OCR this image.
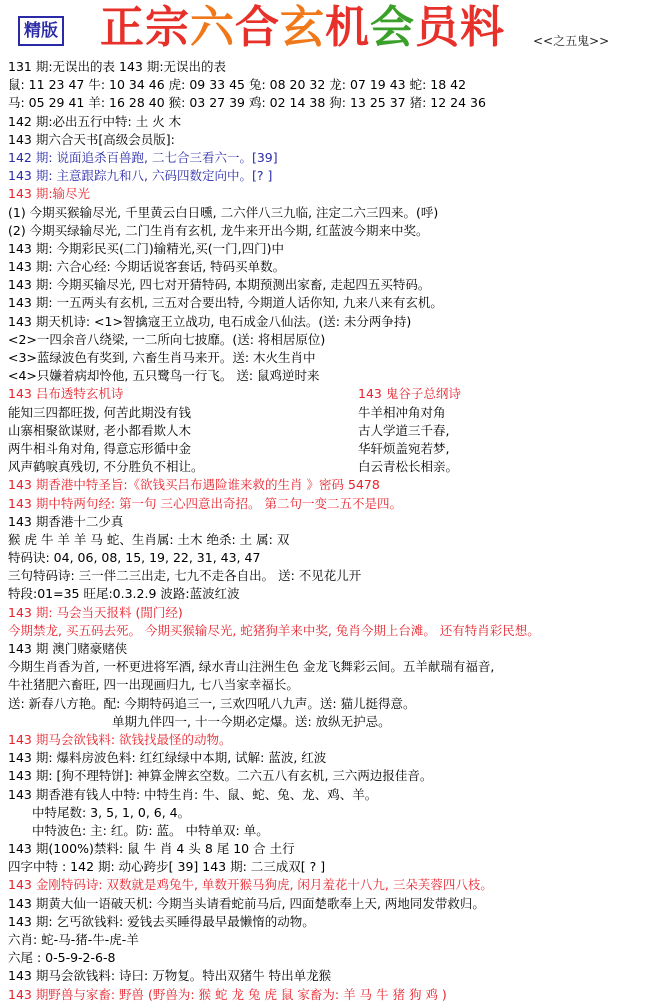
精版 正宗六合玄机会员料 <<之五鬼>>
131 期:无误出的表 143 期:无误出的表
鼠: 11 23 47 牛: 10 34 46 虎: 09 33 45 兔: 08 20 32 龙: 07 19 43 蛇: 18 42
马: 05 29 41 羊: 16 28 40 猴: 03 27 39 鸡: 02 14 38 狗: 13 25 37 猪: 12 24 36
142 期:必出五行中特: 土 火 木
143 期六合天书[高级会员版]:
142 期: 说面追杀百兽跑, 二七合三看六一。[39]
143 期: 主意跟踪九和八, 六码四数定向中。[? ]
143 期:输尽光
(1) 今期买猴输尽光, 千里黄云白日曛, 二六伴八三九临, 注定二六三四来。(呼)
(2) 今期买绿输尽光, 二门生肖有玄机, 龙牛来开出今期, 红蓝波今期来中奖。
143 期: 今期彩民买(二门)输精光,买(一门,四门)中
143 期: 六合心经: 今期话说客套话, 特码买单数。
143 期: 今期买输尽光, 四七对开猜特码, 本期预测出家畜, 走起四五买特码。
143 期: 一五两头有玄机, 三五对合要出特, 今期道人话你知, 九来八来有玄机。
143 期天机诗: <1>智擒寇王立战功, 电石成金八仙法。(送: 未分两争持)
<2>一四余音八绕梁, 一二所向七披靡。(送: 将相居原位)
<3>蓝绿波色有奖到, 六畜生肖马来开。送: 木火生肖中
<4>只嫌着病却怜他, 五只鹭鸟一行飞。 送: 鼠鸡逆时来
143 吕布透特玄机诗	143 鬼谷子总纲诗
能知三四都旺拨, 何苦此期没有钱	牛羊相冲角对角
山寨相聚欲谋财, 老小都看欺人木	古人学道三千春,
两牛相斗角对角, 得意忘形循中金	华轩烦盖宛若梦,
风声鹤唳真残切, 不分胜负不相让。	白云青松长相亲。
143 期香港中特圣旨:《欲钱买吕布遇险谁来救的生肖 》密码 5478
143 期中特两句经: 第一句 三心四意出奇招。 第二句一变二五不是四。
143 期香港十二少真
猴 虎 牛 羊 羊 马 蛇、生肖属: 土木 绝杀: 土 属: 双
特码诀: 04, 06, 08, 15, 19, 22, 31, 43, 47
三句特码诗: 三一伴二三出走, 七九不走各自出。 送: 不见花儿开
特段:01=35 旺尾:0.3.2.9 波路:蓝波红波
143 期: 马会当天报料 (閒门经)
今期禁龙, 买五码去死。 今期买猴输尽光, 蛇猪狗羊来中奖, 兔肖今期上台滩。 还有特肖彩民想。
143 期 澳门赌豪赌侠
今期生肖香为首, 一杯更进将军酒, 绿水青山注洲生色 金龙飞舞彩云间。五羊献瑞有福音,
牛社猪肥六畜旺, 四一出现画归九, 七八当家幸福长。
送: 新春八方艳。配: 今期特码追三一, 三欢四吼八九声。送: 猫儿挺得意。
单期九伴四一, 十一今期必定爆。送: 放纵无护忌。
143 期马会欲钱料: 欲钱找最怪的动物。
143 期: 爆料房波色料: 红红绿绿中本期, 试解: 蓝波, 红波
143 期: [狗不理特饼]: 神算金牌玄空数。二六五八有玄机, 三六两边报佳音。
143 期香港有钱人中特: 中特生肖: 牛、鼠、蛇、兔、龙、鸡、羊。
中特尾数: 3, 5, 1, 0, 6, 4。
中特波色: 主: 红。防: 蓝。 中特单双: 单。
143 期(100%)禁料: 鼠 牛 肖 4 头 8 尾 10 合 土行
四字中特 : 142 期: 动心跨步[ 39] 143 期: 二三成双[ ? ]
143 金刚特码诗: 双数就是鸡兔牛, 单数开猴马狗虎, 闲月羞花十八九, 三朵芙蓉四八枝。
143 期黄大仙一语破天机: 今期当头请看蛇前马后, 四面楚歌奉上天, 两地同发带救归。
143 期: 乞丐欲钱料: 爱钱去买睡得最早最懒惰的动物。
六肖: 蛇-马-猪-牛-虎-羊
六尾 : 0-5-9-2-6-8
143 期马会欲钱料: 诗曰: 万物复。特出双猪牛 特出单龙猴
143 期野兽与家畜: 野兽 (野兽为: 猴 蛇 龙 兔 虎 鼠 家畜为: 羊 马 牛 猪 狗 鸡 )
